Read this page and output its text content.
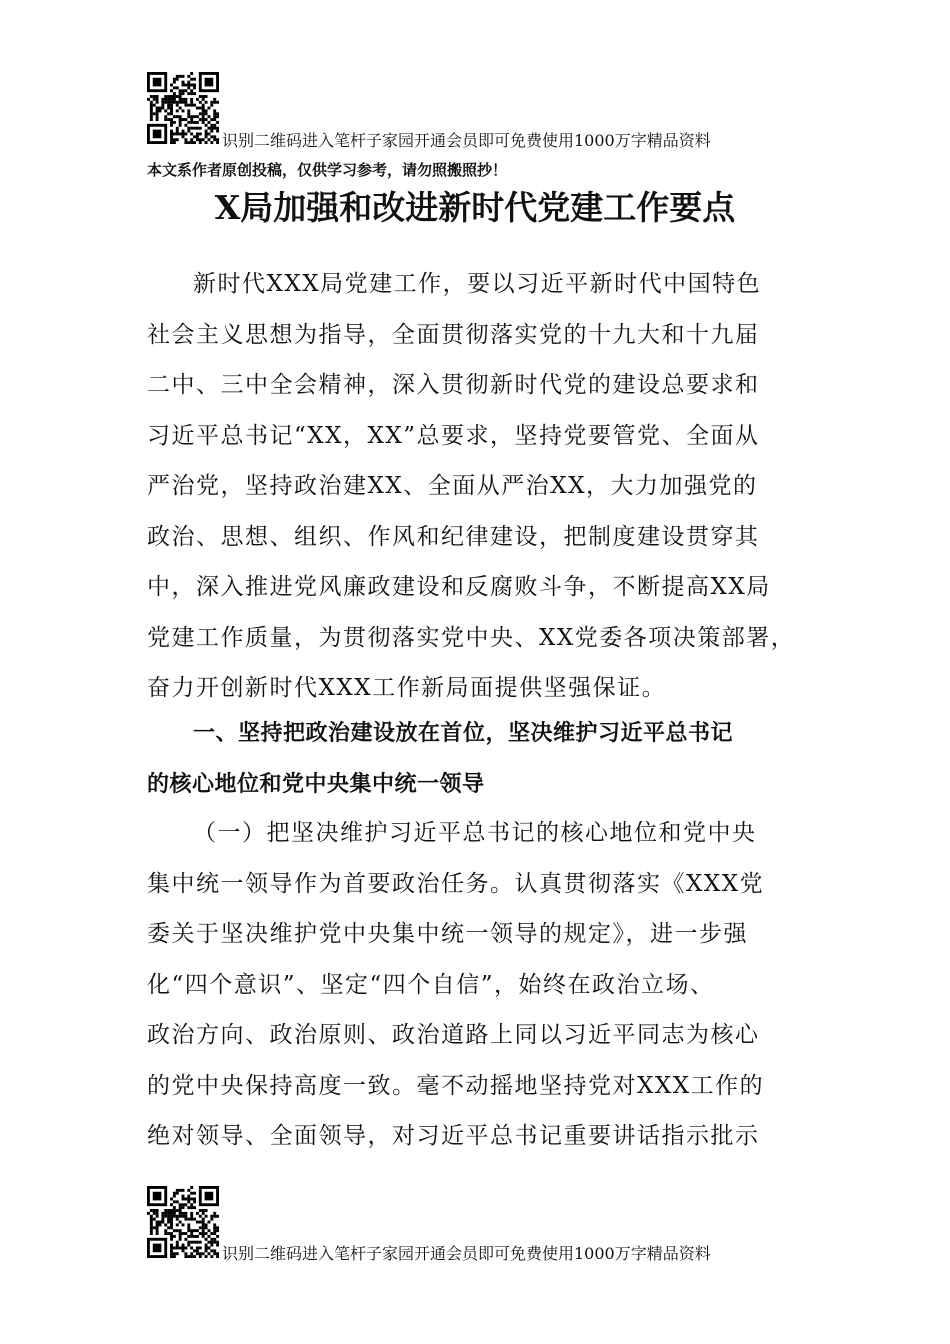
识别二维码进入笔杆子家园开通会员即可免费使用1000万字精品资料
本文系作者原创投稿，仅供学习参考，请勿照搬照抄！
X局加强和改进新时代党建工作要点
新时代XXX局党建工作，要以习近平新时代中国特色
社会主义思想为指导，全面贯彻落实党的十九大和十九届
二中、三中全会精神，深入贯彻新时代党的建设总要求和
习近平总书记“XX，XX”总要求，坚持党要管党、全面从
严治党，坚持政治建XX、全面从严治XX，大力加强党的
政治、思想、组织、作风和纪律建设，把制度建设贯穿其
中，深入推进党风廉政建设和反腐败斗争，不断提高XX局
党建工作质量，为贯彻落实党中央、XX党委各项决策部署，
奋力开创新时代XXX工作新局面提供坚强保证。
一、坚持把政治建设放在首位，坚决维护习近平总书记
的核心地位和党中央集中统一领导
（一）把坚决维护习近平总书记的核心地位和党中央
集中统一领导作为首要政治任务。认真贯彻落实《XXX党
委关于坚决维护党中央集中统一领导的规定》，进一步强
化“四个意识”、坚定“四个自信”，始终在政治立场、
政治方向、政治原则、政治道路上同以习近平同志为核心
的党中央保持高度一致。毫不动摇地坚持党对XXX工作的
绝对领导、全面领导，对习近平总书记重要讲话指示批示
识别二维码进入笔杆子家园开通会员即可免费使用1000万字精品资料
